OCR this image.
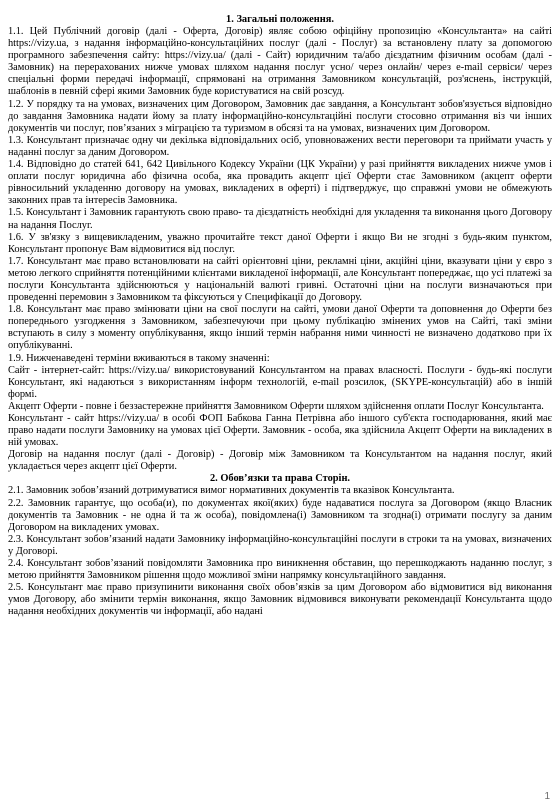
1. Загальні положення.

1.1. Цей Публічний договір (далі - Оферта, Договір) являє собою офіційну пропозицію «Консультанта» на сайті https://vizy.ua, з надання інформаційно-консультаційних послуг (далі - Послуг) за встановлену плату за допомогою програмного забезпечення сайту: https://vizy.ua/ (далі - Сайт) юридичним та/або дієздатним фізичним особам (далі - Замовник) на перерахованих нижче умовах шляхом надання послуг усно/ через онлайн/ через e-mail сервіси/ через спеціальні форми передачі інформації, спрямовані на отримання Замовником консультацій, роз'яснень, інструкцій, шаблонів в певній сфері якими Замовник буде користуватися на свій розсуд.

1.2. У порядку та на умовах, визначених цим Договором, Замовник дає завдання, а Консультант зобов'язується відповідно до завдання Замовника надати йому за плату інформаційно-консультаційні послуги стосовно отримання віз чи інших документів чи послуг, пов’язаних з міграцією та туризмом в обсязі та на умовах, визначених цим Договором.

1.3. Консультант призначає одну чи декілька відповідальних осіб, уповноважених вести переговори та приймати участь у наданні послуг за даним Договором.

1.4. Відповідно до статей 641, 642 Цивільного Кодексу України (ЦК України) у разі прийняття викладених нижче умов і оплати послуг юридична або фізична особа, яка провадить акцепт цієї Оферти стає Замовником (акцепт оферти рівносильний укладенню договору на умовах, викладених в оферті) і підтверджує, що справжні умови не обмежують законних прав та інтересів Замовника.

1.5. Консультант і Замовник гарантують свою право- та дієздатність необхідні для укладення та виконання цього Договору на надання Послуг.

1.6. У зв'язку з вищевикладеним, уважно прочитайте текст даної Оферти і якщо Ви не згодні з будь-яким пунктом, Консультант пропонує Вам відмовитися від послуг.

1.7. Консультант має право встановлювати на сайті орієнтовні ціни, рекламні ціни, акційні ціни, вказувати ціни у євро з метою легкого сприйняття потенційними клієнтами викладеної інформації, але Консультант попереджає, що усі платежі за послуги Консультанта здійснюються у національній валюті гривні. Остаточні ціни на послуги визначаються при проведенні перемовин з Замовником та фіксуються у Специфікації до Договору.

1.8. Консультант має право змінювати ціни на свої послуги на сайті, умови даної Оферти та доповнення до Оферти без попереднього узгодження з Замовником, забезпечуючи при цьому публікацію змінених умов на Сайті, такі зміни вступають в силу з моменту опублікування, якщо інший термін набрання ними чинності не визначено додатково при їх опублікуванні.

1.9. Нижченаведені терміни вживаються в такому значенні:

Сайт - інтернет-сайт: https://vizy.ua/ використовуваний Консультантом на правах власності. Послуги - будь-які послуги Консультант, які надаються з використанням інформ технологій, e-mail розсилок, (SKYPE-консультацій) або в іншій формі.

Акцепт Оферти - повне і беззастережне прийняття Замовником Оферти шляхом здійснення оплати Послуг Консультанта.

Консультант - сайт https://vizy.ua/ в особі ФОП Бабкова Ганна Петрівна або іншого суб'єкта господарювання, який має право надати послуги Замовнику на умовах цієї Оферти. Замовник - особа, яка здійснила Акцепт Оферти на викладених в ній умовах.

Договір на надання послуг (далі - Договір) - Договір між Замовником та Консультантом на надання послуг, який укладається через акцепт цієї Оферти.

2. Обов’язки та права Сторін.

2.1. Замовник зобов’язаний дотримуватися вимог нормативних документів та вказівок Консультанта.

2.2. Замовник гарантує, що особа(и), по документах якої(яких) буде надаватися послуга за Договором (якщо Власник документів та Замовник - не одна й та ж особа), повідомлена(і) Замовником та згодна(і) отримати послугу за даним Договором на викладених умовах.

2.3. Консультант зобов’язаний надати Замовнику інформаційно-консультаційні послуги в строки та на умовах, визначених у Договорі.

2.4. Консультант зобов’язаний повідомляти Замовника про виникнення обставин, що перешкоджають наданню послуг, з метою прийняття Замовником рішення щодо можливої зміни напрямку консультаційного завдання.

2.5. Консультант має право призупинити виконання своїх обов’язків за цим Договором або відмовитися від виконання умов Договору, або змінити термін виконання, якщо Замовник відмовився виконувати рекомендації Консультанта щодо надання необхідних документів чи інформації, або надані

1
